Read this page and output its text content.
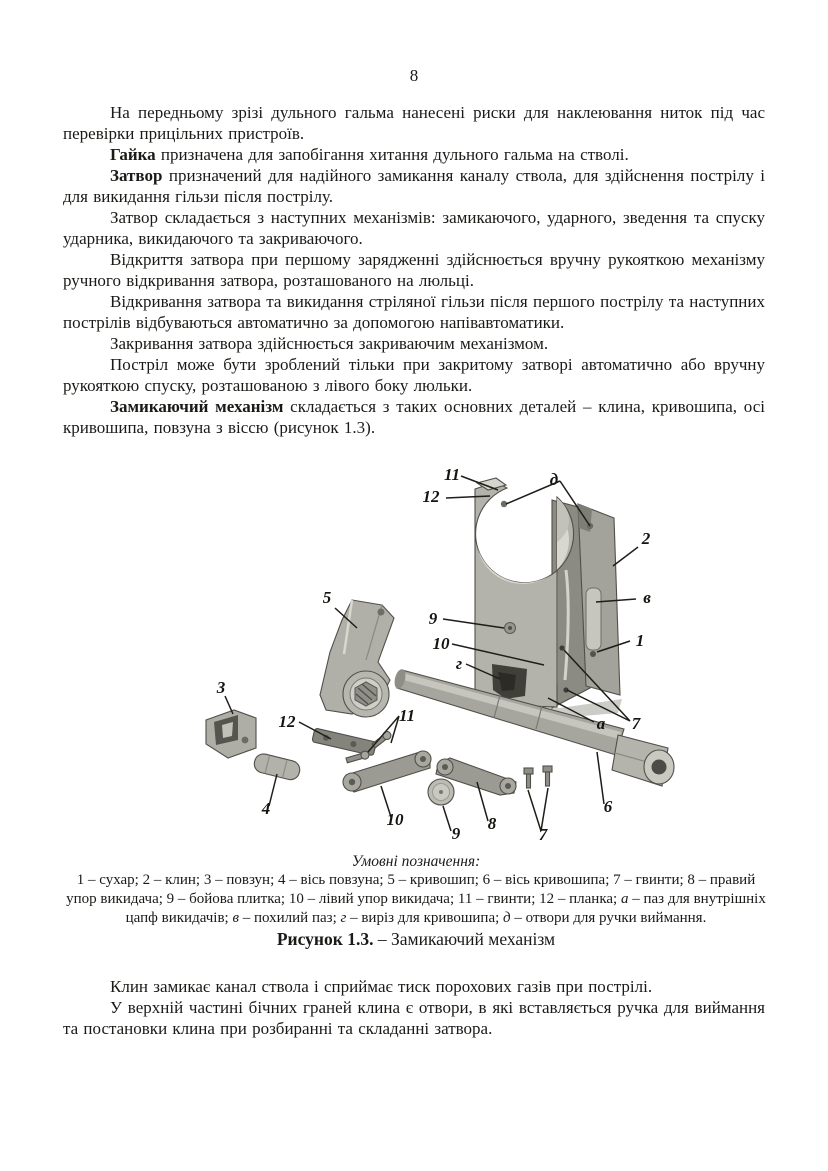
8

На передньому зрізі дульного гальма нанесені риски для наклеювання ниток під час перевірки прицільних пристроїв.

Гайка призначена для запобігання хитання дульного гальма на стволі.

Затвор призначений для надійного замикання каналу ствола, для здійснення пострілу і для викидання гільзи після пострілу.

Затвор складається з наступних механізмів: замикаючого, ударного, зведення та спуску ударника, викидаючого та закриваючого.

Відкриття затвора при першому зарядженні здійснюється вручну рукояткою механізму ручного відкривання затвора, розташованого на люльці.

Відкривання затвора та викидання стріляної гільзи після першого пострілу та наступних пострілів відбуваються автоматично за допомогою напівавтоматики.

Закривання затвора здійснюється закриваючим механізмом.

Постріл може бути зроблений тільки при закритому затворі автоматично або вручну рукояткою спуску, розташованою з лівого боку люльки.

Замикаючий механізм складається з таких основних деталей – клина, кривошипа, осі кривошипа, повзуна з віссю (рисунок 1.3).

11
12
д
2
в
1
5
9
10
г
3
12	11
4
10
9
8
7
6
а 7

Умовні позначення:

1 – сухар; 2 – клин; 3 – повзун; 4 – вісь повзуна; 5 – кривошип; 6 – вісь кривошипа; 7 – гвинти; 8 – правий упор викидача; 9 – бойова плитка; 10 – лівий упор викидача; 11 – гвинти; 12 – планка; а – паз для внутрішніх цапф викидачів; в – похилий паз; г – виріз для кривошипа; д – отвори для ручки виймання.

Рисунок 1.3. – Замикаючий механізм

Клин замикає канал ствола і сприймає тиск порохових газів при пострілі.

У верхній частині бічних граней клина є отвори, в які вставляється ручка для виймання та постановки клина при розбиранні та складанні затвора.
